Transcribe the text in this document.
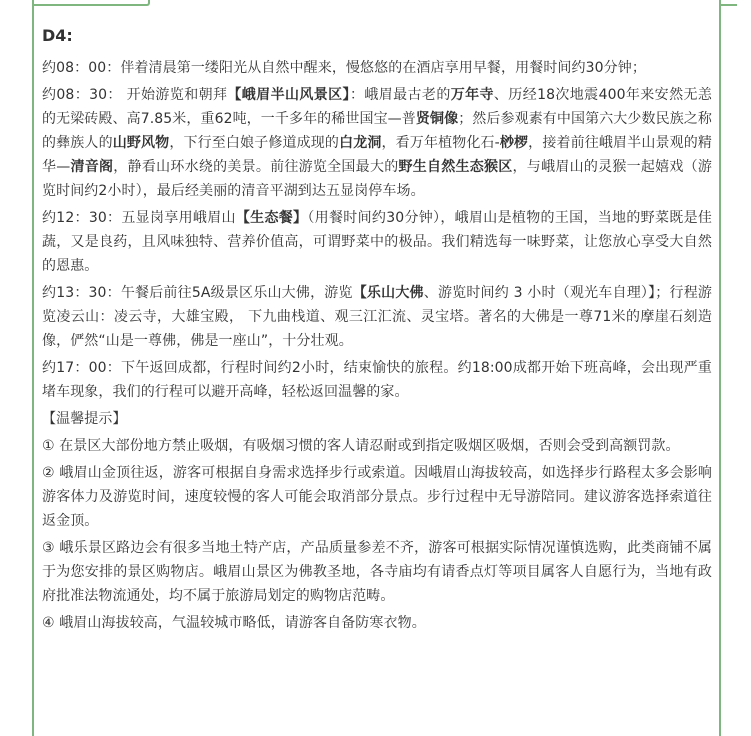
D4:

约08：00：伴着清晨第一缕阳光从自然中醒来，慢悠悠的在酒店享用早餐，用餐时间约30分钟；

约08：30： 开始游览和朝拜【峨眉半山风景区】：峨眉最古老的万年寺、历经18次地震400年来安然无恙的无梁砖殿、高7.85米，重62吨，一千多年的稀世国宝—普贤铜像；然后参观素有中国第六大少数民族之称的彝族人的山野风物，下行至白娘子修道成现的白龙洞，看万年植物化石-桫椤，接着前往峨眉半山景观的精华—清音阁，静看山环水绕的美景。前往游览全国最大的野生自然生态猴区，与峨眉山的灵猴一起嬉戏（游览时间约2小时），最后经美丽的清音平湖到达五显岗停车场。

约12：30：五显岗享用峨眉山【生态餐】（用餐时间约30分钟），峨眉山是植物的王国，当地的野菜既是佳蔬，又是良药，且风味独特、营养价值高，可谓野菜中的极品。我们精选每一味野菜，让您放心享受大自然的恩惠。

约13：30：午餐后前往5A级景区乐山大佛，游览【乐山大佛、游览时间约 3 小时（观光车自理）】；行程游览凌云山：凌云寺，大雄宝殿， 下九曲栈道、观三江汇流、灵宝塔。著名的大佛是一尊71米的摩崖石刻造像，俨然“山是一尊佛，佛是一座山”，十分壮观。

约17：00：下午返回成都，行程时间约2小时，结束愉快的旅程。约18:00成都开始下班高峰，会出现严重堵车现象，我们的行程可以避开高峰，轻松返回温馨的家。

【温馨提示】

① 在景区大部份地方禁止吸烟，有吸烟习惯的客人请忍耐或到指定吸烟区吸烟，否则会受到高额罚款。

② 峨眉山金顶往返，游客可根据自身需求选择步行或索道。因峨眉山海拔较高，如选择步行路程太多会影响游客体力及游览时间，速度较慢的客人可能会取消部分景点。步行过程中无导游陪同。建议游客选择索道往返金顶。

③ 峨乐景区路边会有很多当地土特产店，产品质量参差不齐，游客可根据实际情况谨慎选购，此类商铺不属于为您安排的景区购物店。峨眉山景区为佛教圣地，各寺庙均有请香点灯等项目属客人自愿行为，当地有政府批准法物流通处，均不属于旅游局划定的购物店范畴。

④ 峨眉山海拔较高，气温较城市略低，请游客自备防寒衣物。
